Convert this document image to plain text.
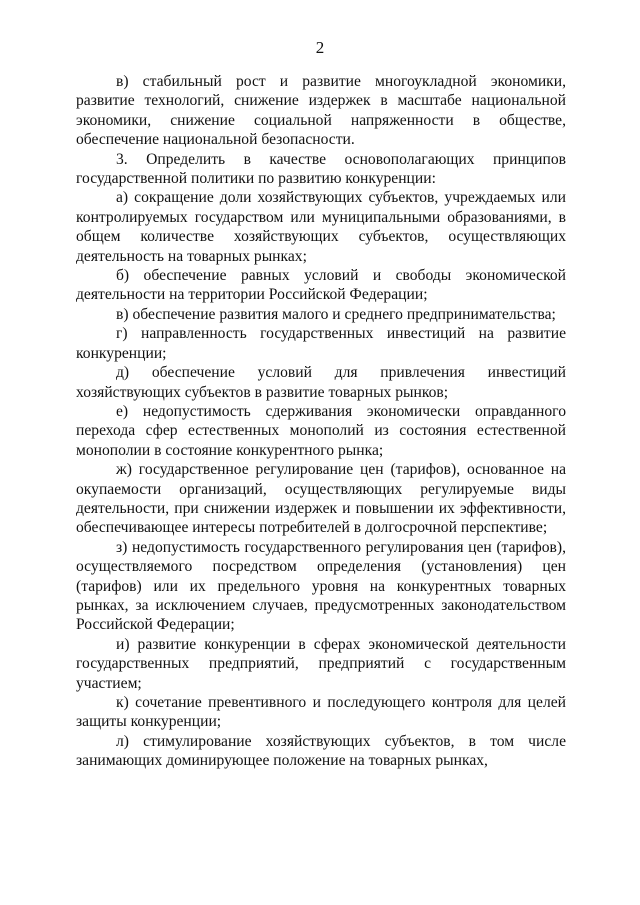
2

в) стабильный рост и развитие многоукладной экономики, развитие технологий, снижение издержек в масштабе национальной экономики, снижение социальной напряженности в обществе, обеспечение национальной безопасности.

3. Определить в качестве основополагающих принципов государственной политики по развитию конкуренции:

а) сокращение доли хозяйствующих субъектов, учреждаемых или контролируемых государством или муниципальными образованиями, в общем количестве хозяйствующих субъектов, осуществляющих деятельность на товарных рынках;

б) обеспечение равных условий и свободы экономической деятельности на территории Российской Федерации;

в) обеспечение развития малого и среднего предпринимательства;

г) направленность государственных инвестиций на развитие конкуренции;

д) обеспечение условий для привлечения инвестиций хозяйствующих субъектов в развитие товарных рынков;

е) недопустимость сдерживания экономически оправданного перехода сфер естественных монополий из состояния естественной монополии в состояние конкурентного рынка;

ж) государственное регулирование цен (тарифов), основанное на окупаемости организаций, осуществляющих регулируемые виды деятельности, при снижении издержек и повышении их эффективности, обеспечивающее интересы потребителей в долгосрочной перспективе;

з) недопустимость государственного регулирования цен (тарифов), осуществляемого посредством определения (установления) цен (тарифов) или их предельного уровня на конкурентных товарных рынках, за исключением случаев, предусмотренных законодательством Российской Федерации;

и) развитие конкуренции в сферах экономической деятельности государственных предприятий, предприятий с государственным участием;

к) сочетание превентивного и последующего контроля для целей защиты конкуренции;

л) стимулирование хозяйствующих субъектов, в том числе занимающих доминирующее положение на товарных рынках,
